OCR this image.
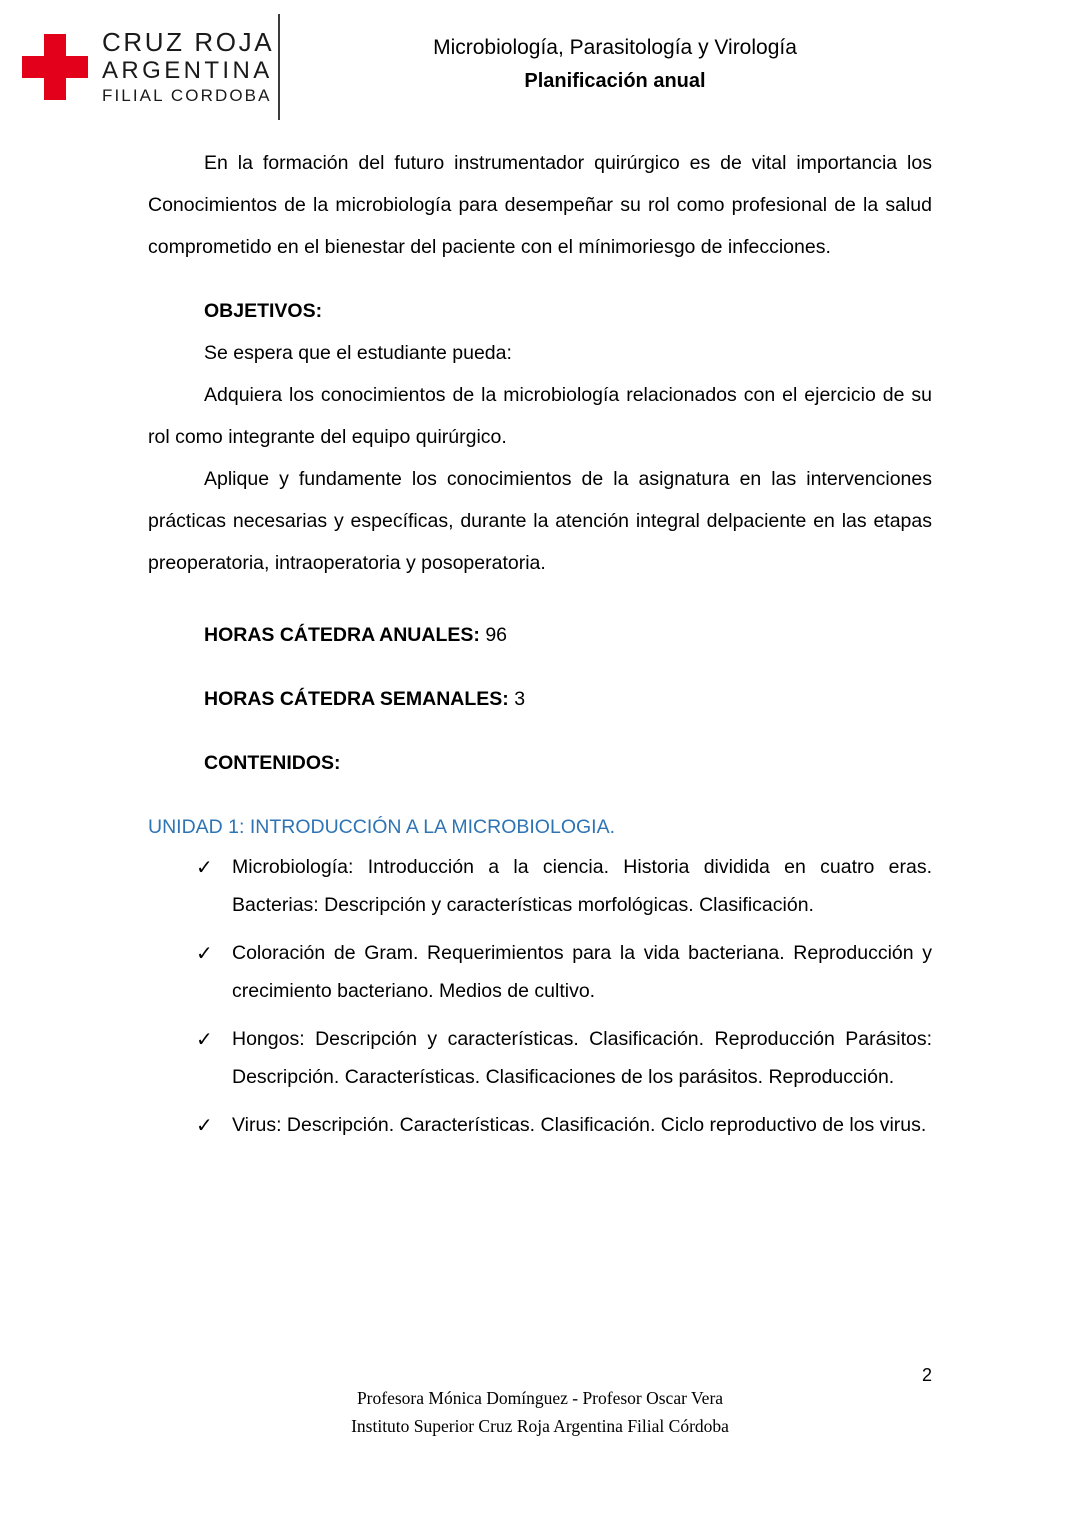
CRUZ ROJA
ARGENTINA
FILIAL CORDOBA
Microbiología, Parasitología y Virología
Planificación anual

En la formación del futuro instrumentador quirúrgico es de vital importancia los Conocimientos de la microbiología para desempeñar su rol como profesional de la salud comprometido en el bienestar del paciente con el mínimoriesgo de infecciones.

OBJETIVOS:

Se espera que el estudiante pueda:

Adquiera los conocimientos de la microbiología relacionados con el ejercicio de su rol como integrante del equipo quirúrgico.

Aplique y fundamente los conocimientos de la asignatura en las intervenciones prácticas necesarias y específicas, durante la atención integral delpaciente en las etapas preoperatoria, intraoperatoria y posoperatoria.

HORAS CÁTEDRA ANUALES: 96

HORAS CÁTEDRA SEMANALES: 3

CONTENIDOS:

UNIDAD 1: INTRODUCCIÓN A LA MICROBIOLOGIA.

✓ Microbiología: Introducción a la ciencia. Historia dividida en cuatro eras. Bacterias: Descripción y características morfológicas. Clasificación.
✓ Coloración de Gram. Requerimientos para la vida bacteriana. Reproducción y crecimiento bacteriano. Medios de cultivo.
✓ Hongos: Descripción y características. Clasificación. Reproducción Parásitos: Descripción. Características. Clasificaciones de los parásitos. Reproducción.
✓ Virus: Descripción. Características. Clasificación. Ciclo reproductivo de los virus.
2
Profesora Mónica Domínguez - Profesor Oscar Vera
Instituto Superior Cruz Roja Argentina Filial Córdoba
